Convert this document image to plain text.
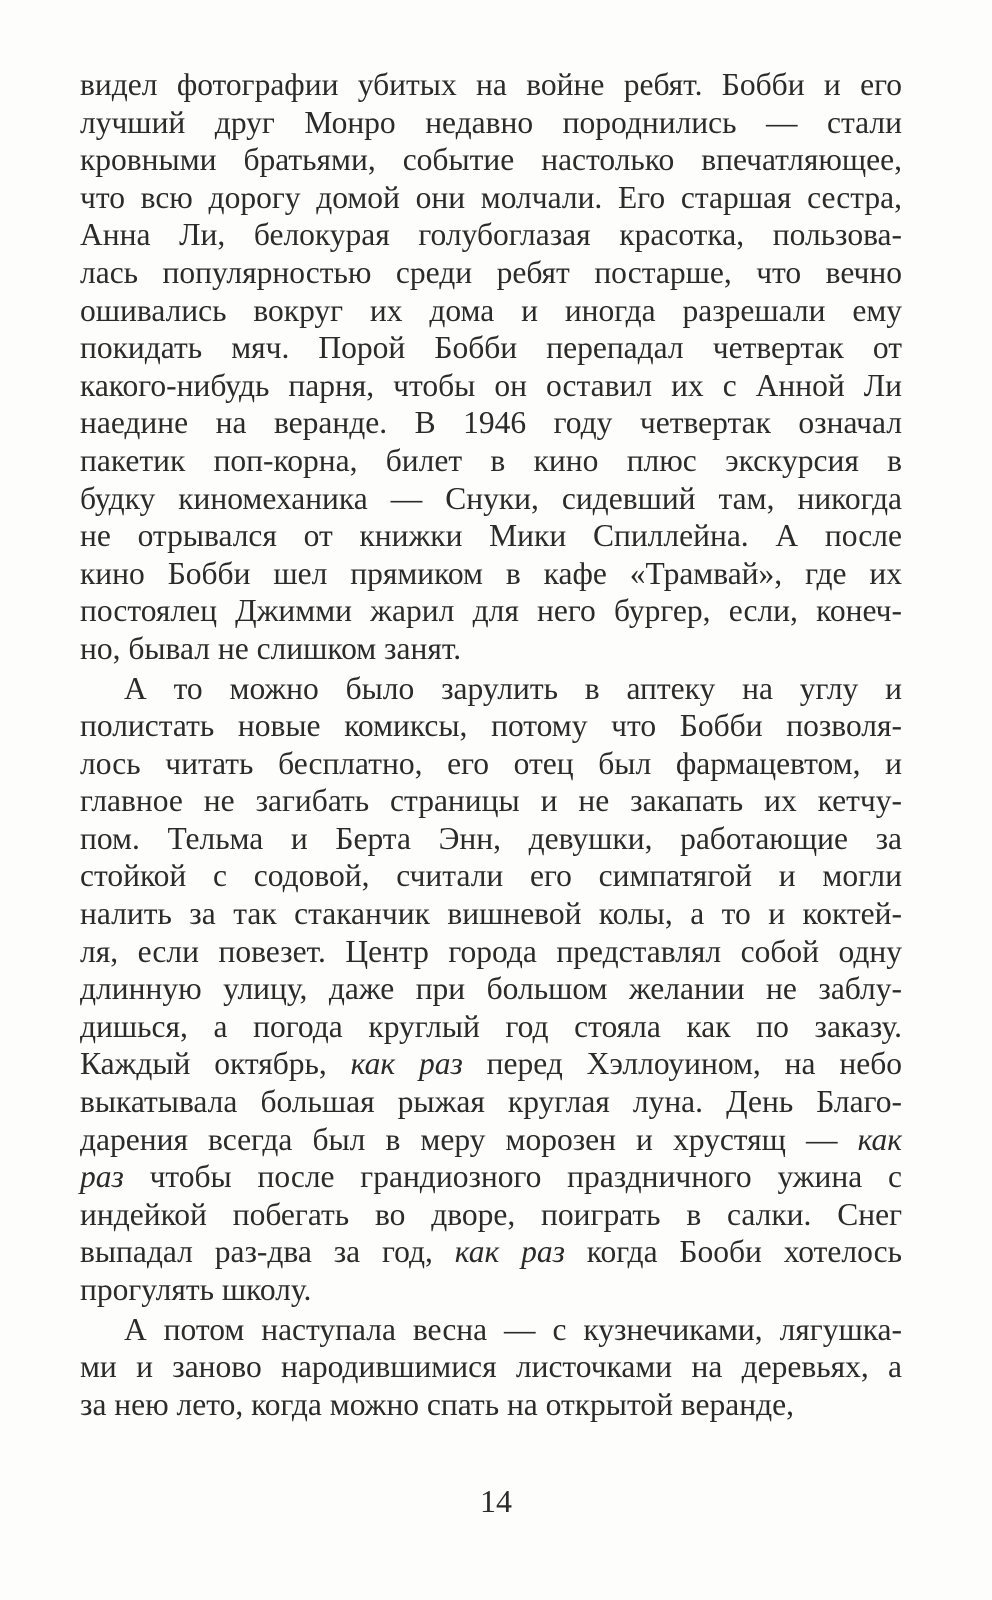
видел фотографии убитых на войне ребят. Бобби и его
лучший друг Монро недавно породнились — стали
кровными братьями, событие настолько впечатляющее,
что всю дорогу домой они молчали. Его старшая сестра,
Анна Ли, белокурая голубоглазая красотка, пользова-
лась популярностью среди ребят постарше, что вечно
ошивались вокруг их дома и иногда разрешали ему
покидать мяч. Порой Бобби перепадал четвертак от
какого-нибудь парня, чтобы он оставил их с Анной Ли
наедине на веранде. В 1946 году четвертак означал
пакетик поп-корна, билет в кино плюс экскурсия в
будку киномеханика — Снуки, сидевший там, никогда
не отрывался от книжки Мики Спиллейна. А после
кино Бобби шел прямиком в кафе «Трамвай», где их
постоялец Джимми жарил для него бургер, если, конеч-
но, бывал не слишком занят.
А то можно было зарулить в аптеку на углу и
полистать новые комиксы, потому что Бобби позволя-
лось читать бесплатно, его отец был фармацевтом, и
главное не загибать страницы и не закапать их кетчу-
пом. Тельма и Берта Энн, девушки, работающие за
стойкой с содовой, считали его симпатягой и могли
налить за так стаканчик вишневой колы, а то и коктей-
ля, если повезет. Центр города представлял собой одну
длинную улицу, даже при большом желании не заблу-
дишься, а погода круглый год стояла как по заказу.
Каждый октябрь, как раз перед Хэллоуином, на небо
выкатывала большая рыжая круглая луна. День Благо-
дарения всегда был в меру морозен и хрустящ — как
раз чтобы после грандиозного праздничного ужина с
индейкой побегать во дворе, поиграть в салки. Снег
выпадал раз-два за год, как раз когда Бооби хотелось
прогулять школу.
А потом наступала весна — с кузнечиками, лягушка-
ми и заново народившимися листочками на деревьях, а
за нею лето, когда можно спать на открытой веранде,
14
